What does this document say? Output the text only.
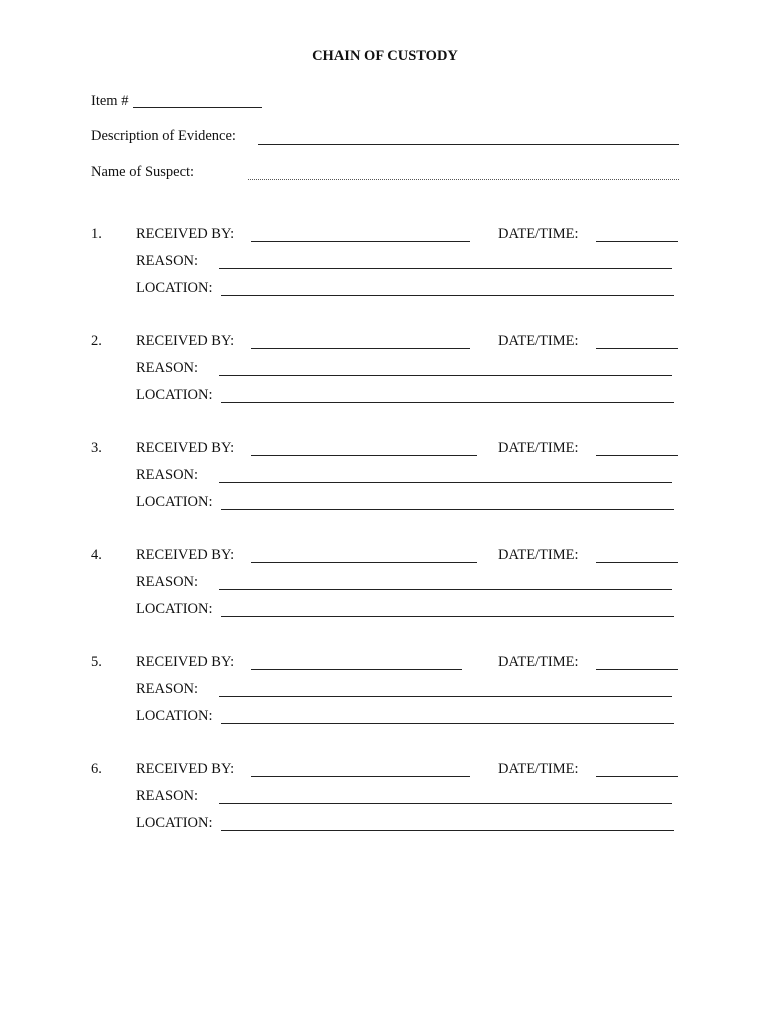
CHAIN OF CUSTODY
Item #
Description of Evidence:
Name of Suspect:
1. RECEIVED BY:	DATE/TIME:
REASON:
LOCATION:
2. RECEIVED BY:	DATE/TIME:
REASON:
LOCATION:
3. RECEIVED BY:	DATE/TIME:
REASON:
LOCATION:
4. RECEIVED BY:	DATE/TIME:
REASON:
LOCATION:
5. RECEIVED BY:	DATE/TIME:
REASON:
LOCATION:
6. RECEIVED BY:	DATE/TIME:
REASON:
LOCATION:
